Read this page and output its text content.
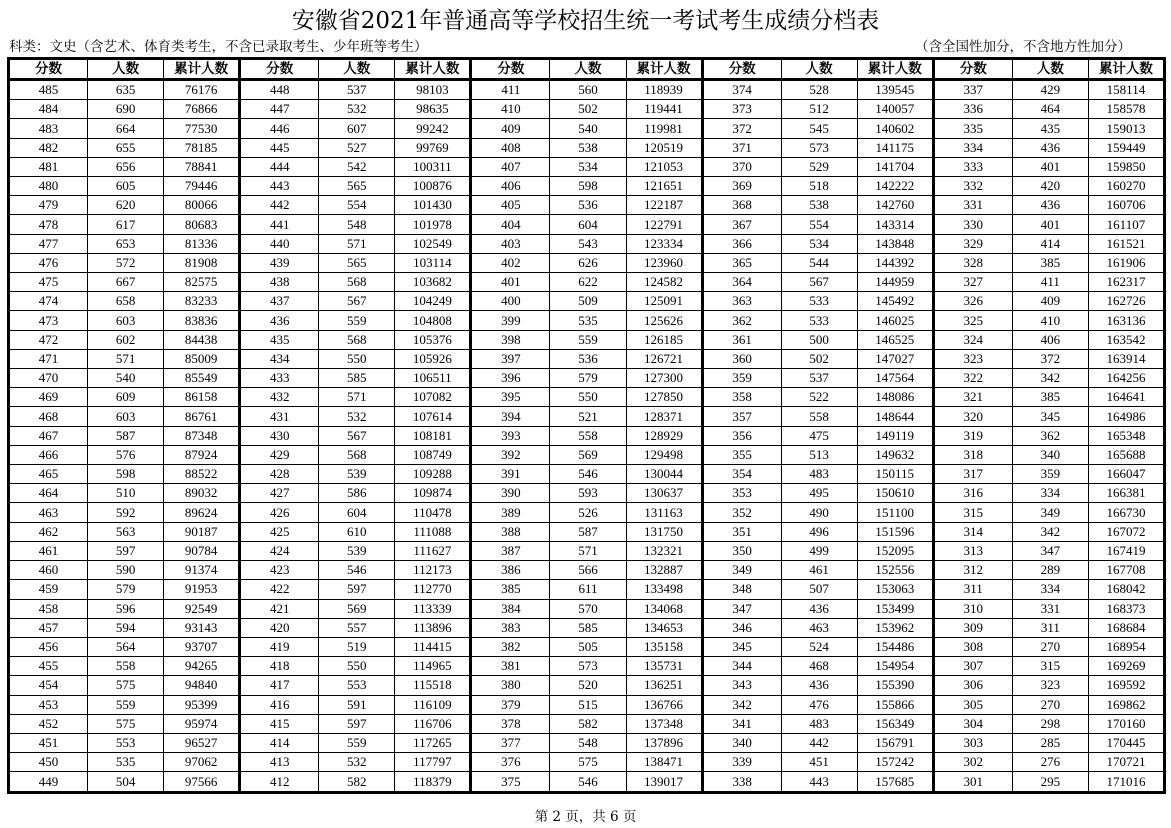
安徽省2021年普通高等学校招生统一考试考生成绩分档表
科类：文史（含艺术、体育类考生，不含已录取考生、少年班等考生）	（含全国性加分，不含地方性加分）
分数	人数	累计人数	分数	人数	累计人数	分数	人数	累计人数	分数	人数	累计人数	分数	人数	累计人数
485	635	76176	448	537	98103	411	560	118939	374	528	139545	337	429	158114
484	690	76866	447	532	98635	410	502	119441	373	512	140057	336	464	158578
483	664	77530	446	607	99242	409	540	119981	372	545	140602	335	435	159013
482	655	78185	445	527	99769	408	538	120519	371	573	141175	334	436	159449
481	656	78841	444	542	100311	407	534	121053	370	529	141704	333	401	159850
480	605	79446	443	565	100876	406	598	121651	369	518	142222	332	420	160270
479	620	80066	442	554	101430	405	536	122187	368	538	142760	331	436	160706
478	617	80683	441	548	101978	404	604	122791	367	554	143314	330	401	161107
477	653	81336	440	571	102549	403	543	123334	366	534	143848	329	414	161521
476	572	81908	439	565	103114	402	626	123960	365	544	144392	328	385	161906
475	667	82575	438	568	103682	401	622	124582	364	567	144959	327	411	162317
474	658	83233	437	567	104249	400	509	125091	363	533	145492	326	409	162726
473	603	83836	436	559	104808	399	535	125626	362	533	146025	325	410	163136
472	602	84438	435	568	105376	398	559	126185	361	500	146525	324	406	163542
471	571	85009	434	550	105926	397	536	126721	360	502	147027	323	372	163914
470	540	85549	433	585	106511	396	579	127300	359	537	147564	322	342	164256
469	609	86158	432	571	107082	395	550	127850	358	522	148086	321	385	164641
468	603	86761	431	532	107614	394	521	128371	357	558	148644	320	345	164986
467	587	87348	430	567	108181	393	558	128929	356	475	149119	319	362	165348
466	576	87924	429	568	108749	392	569	129498	355	513	149632	318	340	165688
465	598	88522	428	539	109288	391	546	130044	354	483	150115	317	359	166047
464	510	89032	427	586	109874	390	593	130637	353	495	150610	316	334	166381
463	592	89624	426	604	110478	389	526	131163	352	490	151100	315	349	166730
462	563	90187	425	610	111088	388	587	131750	351	496	151596	314	342	167072
461	597	90784	424	539	111627	387	571	132321	350	499	152095	313	347	167419
460	590	91374	423	546	112173	386	566	132887	349	461	152556	312	289	167708
459	579	91953	422	597	112770	385	611	133498	348	507	153063	311	334	168042
458	596	92549	421	569	113339	384	570	134068	347	436	153499	310	331	168373
457	594	93143	420	557	113896	383	585	134653	346	463	153962	309	311	168684
456	564	93707	419	519	114415	382	505	135158	345	524	154486	308	270	168954
455	558	94265	418	550	114965	381	573	135731	344	468	154954	307	315	169269
454	575	94840	417	553	115518	380	520	136251	343	436	155390	306	323	169592
453	559	95399	416	591	116109	379	515	136766	342	476	155866	305	270	169862
452	575	95974	415	597	116706	378	582	137348	341	483	156349	304	298	170160
451	553	96527	414	559	117265	377	548	137896	340	442	156791	303	285	170445
450	535	97062	413	532	117797	376	575	138471	339	451	157242	302	276	170721
449	504	97566	412	582	118379	375	546	139017	338	443	157685	301	295	171016
第 2 页，共 6 页
